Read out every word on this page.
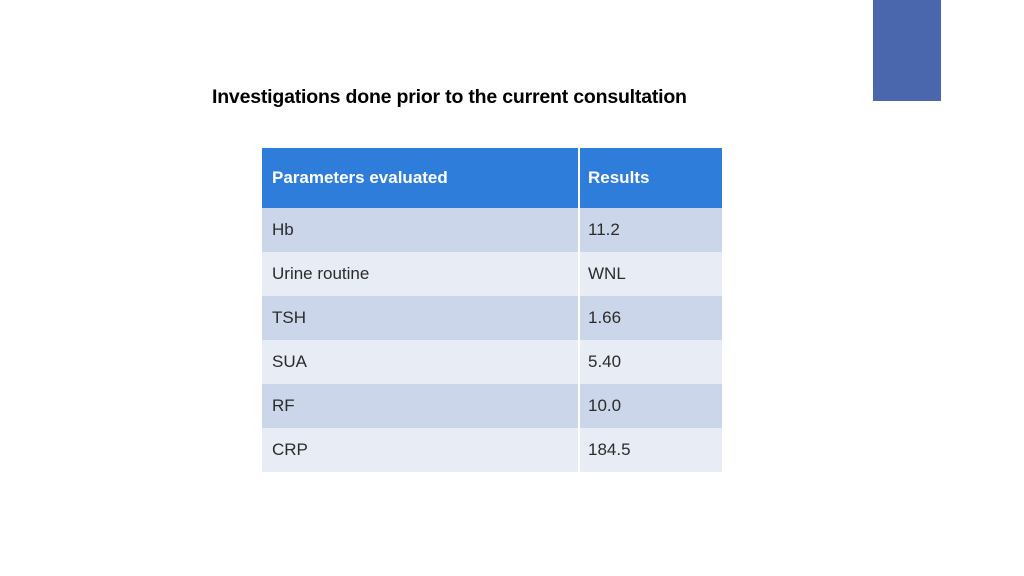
Investigations done prior to the current consultation
Parameters evaluated	Results
Hb	11.2
Urine routine	WNL
TSH	1.66
SUA	5.40
RF	10.0
CRP	184.5
